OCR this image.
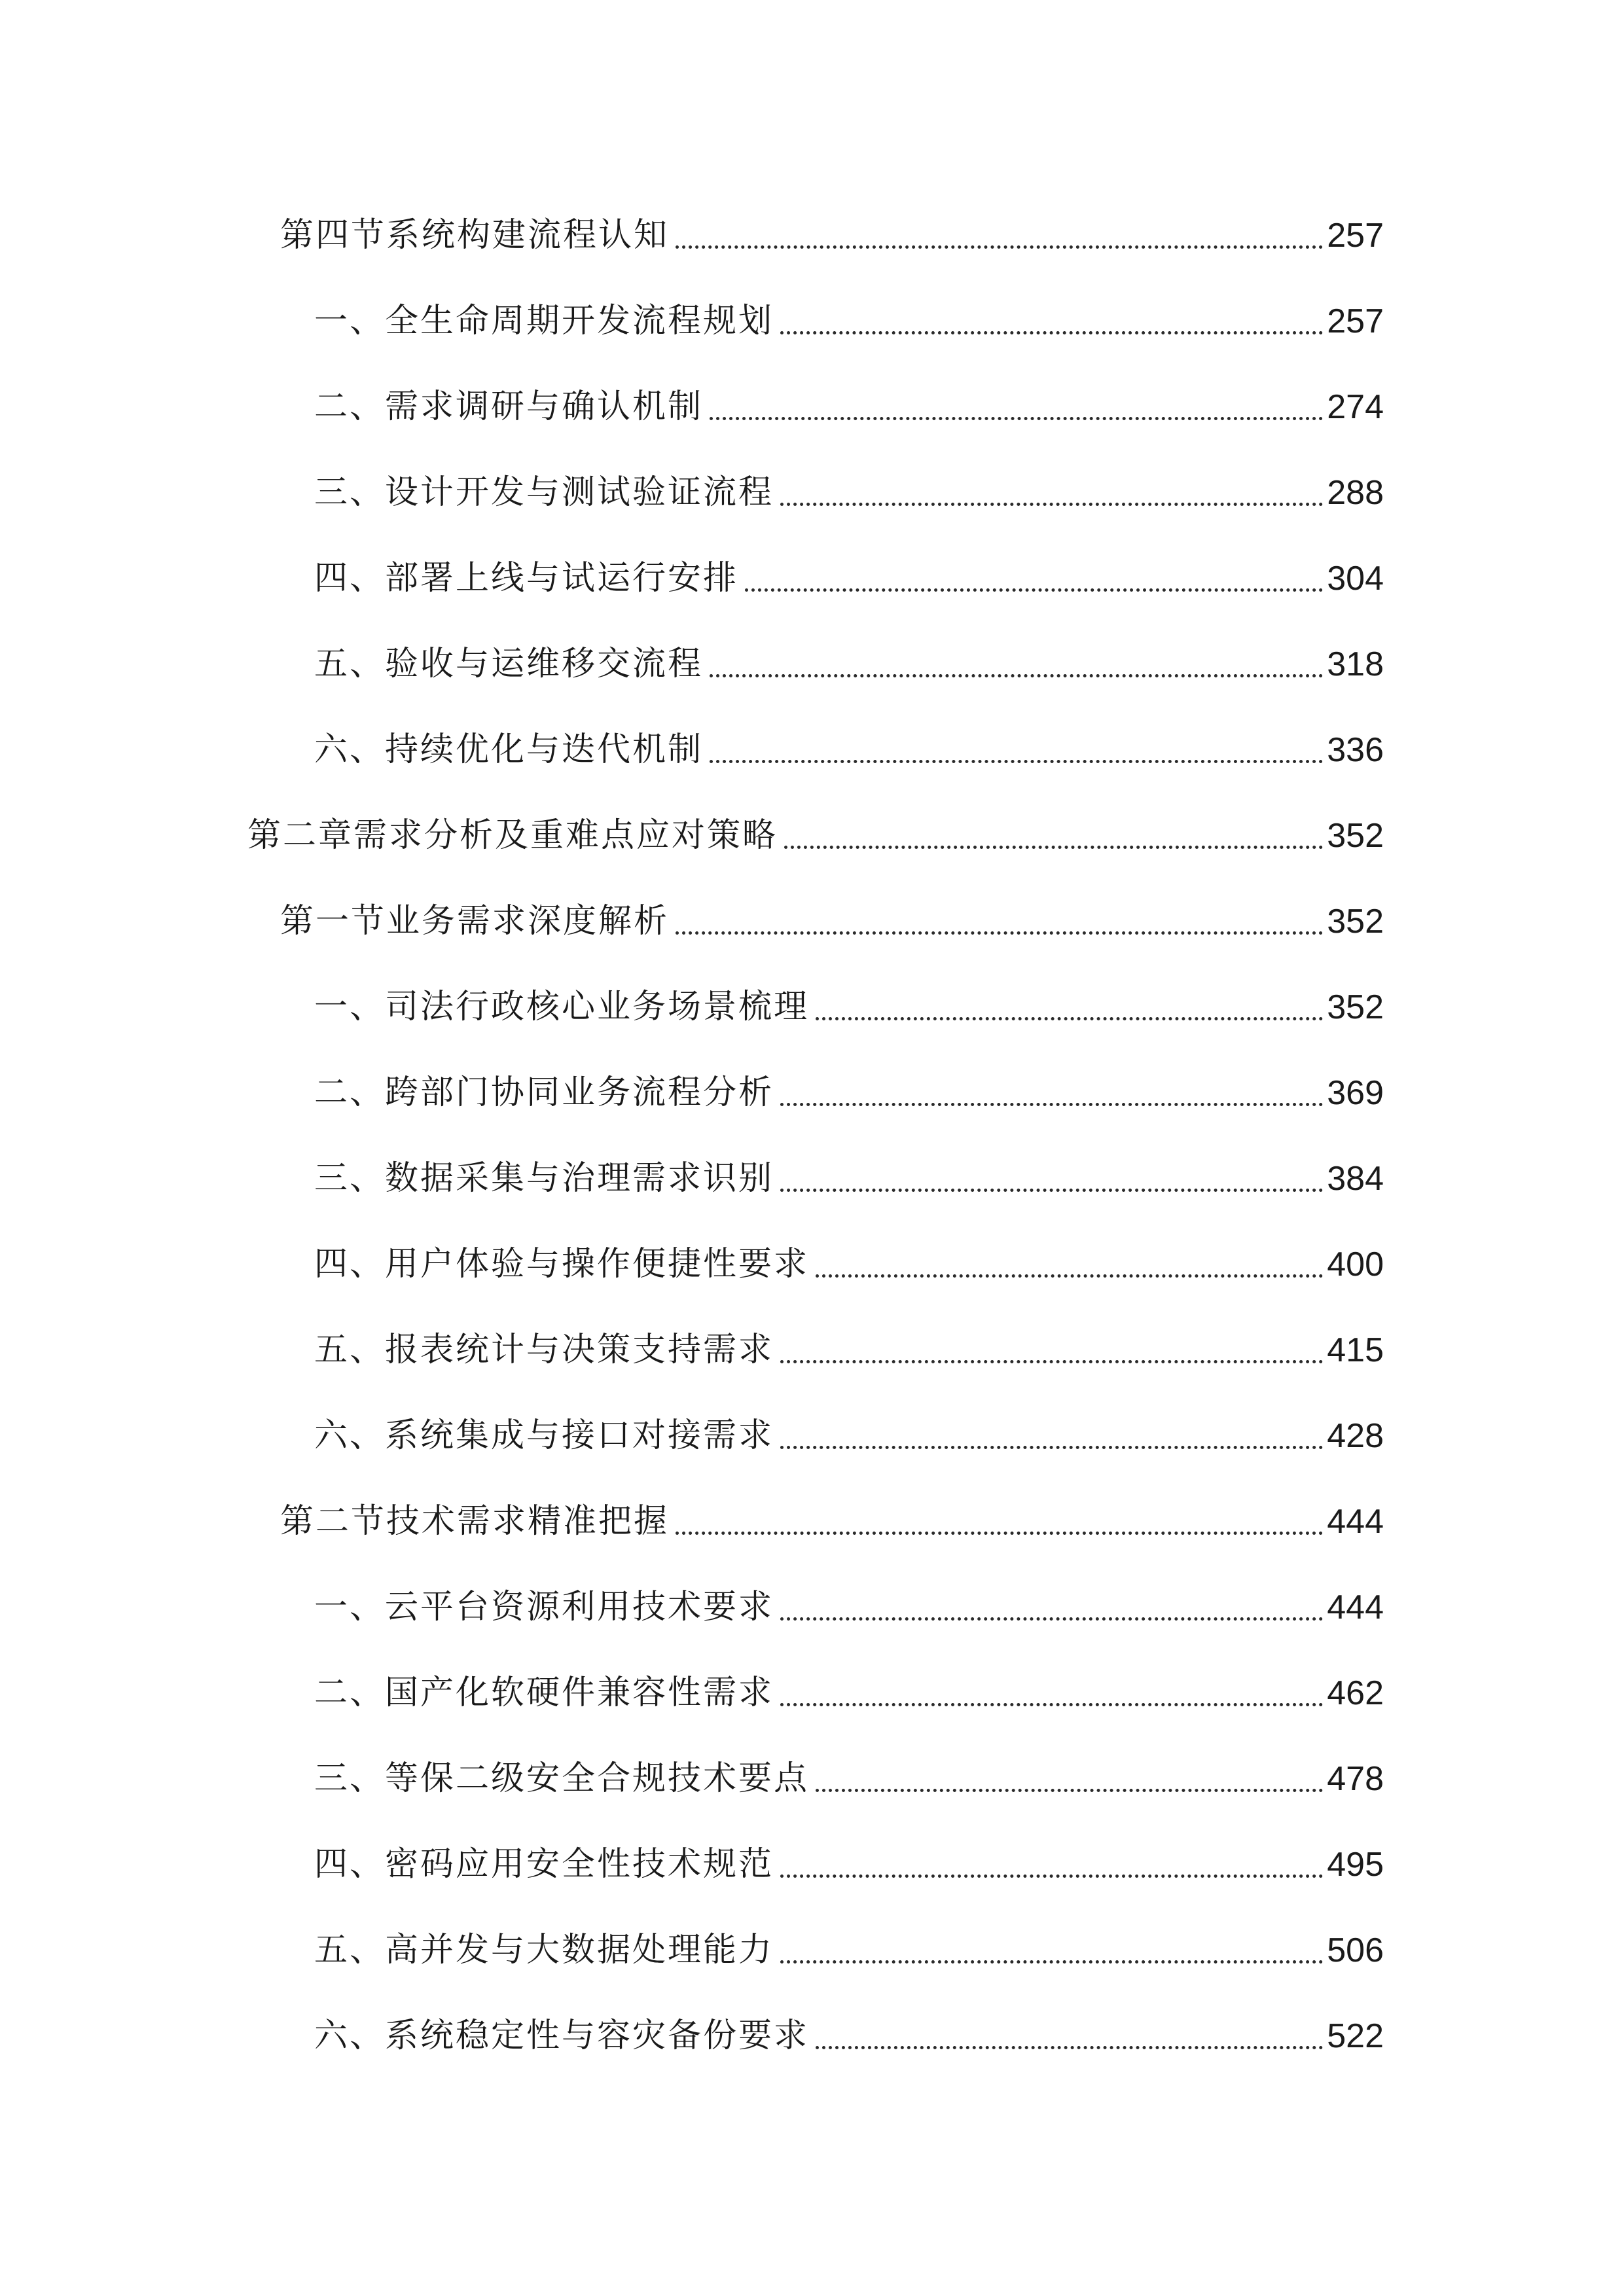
第四节系统构建流程认知	257
一、全生命周期开发流程规划	257
二、需求调研与确认机制	274
三、设计开发与测试验证流程	288
四、部署上线与试运行安排	304
五、验收与运维移交流程	318
六、持续优化与迭代机制	336
第二章需求分析及重难点应对策略	352
第一节业务需求深度解析	352
一、司法行政核心业务场景梳理	352
二、跨部门协同业务流程分析	369
三、数据采集与治理需求识别	384
四、用户体验与操作便捷性要求	400
五、报表统计与决策支持需求	415
六、系统集成与接口对接需求	428
第二节技术需求精准把握	444
一、云平台资源利用技术要求	444
二、国产化软硬件兼容性需求	462
三、等保二级安全合规技术要点	478
四、密码应用安全性技术规范	495
五、高并发与大数据处理能力	506
六、系统稳定性与容灾备份要求	522
